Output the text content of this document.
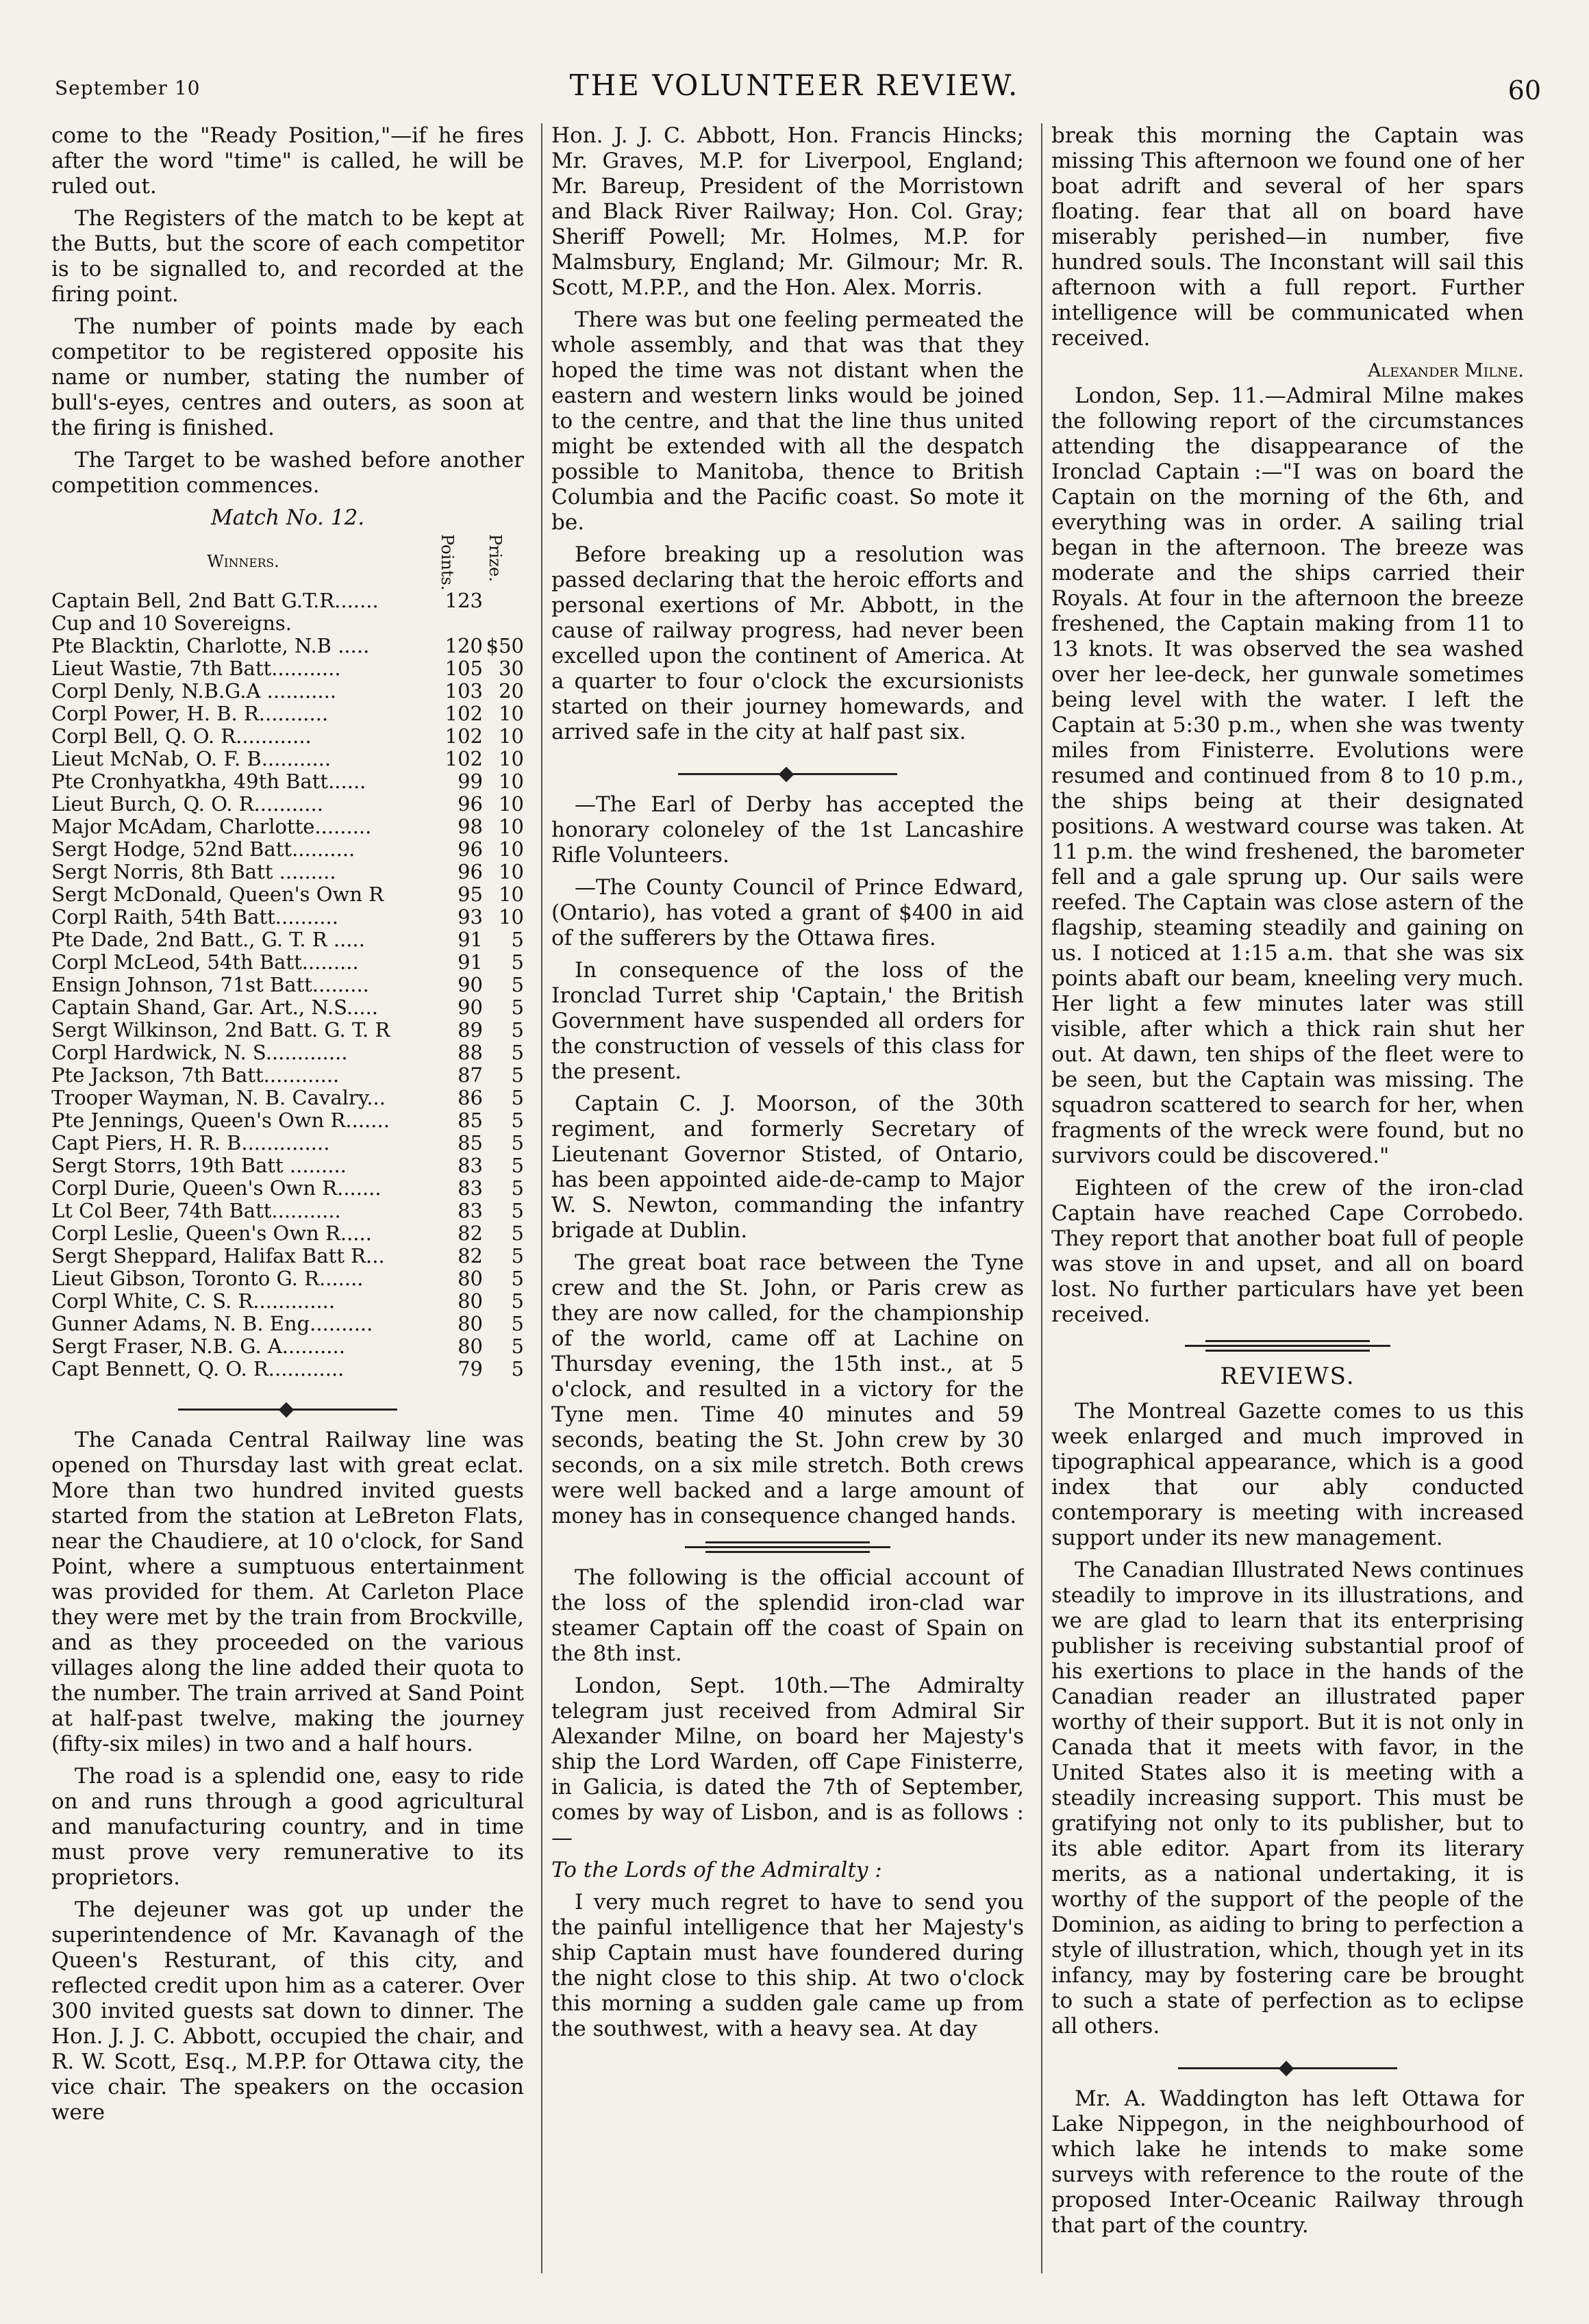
September 10	THE VOLUNTEER REVIEW.	60

come to the "Ready Position,"—if he fires after the word "time" is called, he will be ruled out.

The Registers of the match to be kept at the Butts, but the score of each competitor is to be signalled to, and recorded at the firing point.

The number of points made by each competitor to be registered opposite his name or number, stating the number of bull's-eyes, centres and outers, as soon at the firing is finished.

The Target to be washed before another competition commences.

Match No. 12.
Winners.	Points.	Prize.

Captain Bell, 2nd Batt G.T.R.......	123	
Cup and 10 Sovereigns.		
Pte Blacktin, Charlotte, N.B .....	120	$50
Lieut Wastie, 7th Batt...........	105	30
Corpl Denly, N.B.G.A ...........	103	20
Corpl Power, H. B. R...........	102	10
Corpl Bell, Q. O. R............	102	10
Lieut McNab, O. F. B...........	102	10
Pte Cronhyatkha, 49th Batt......	99	10
Lieut Burch, Q. O. R...........	96	10
Major McAdam, Charlotte.........	98	10
Sergt Hodge, 52nd Batt..........	96	10
Sergt Norris, 8th Batt .........	96	10
Sergt McDonald, Queen's Own R	95	10
Corpl Raith, 54th Batt..........	93	10
Pte Dade, 2nd Batt., G. T. R .....	91	5
Corpl McLeod, 54th Batt.........	91	5
Ensign Johnson, 71st Batt.........	90	5
Captain Shand, Gar. Art., N.S.....	90	5
Sergt Wilkinson, 2nd Batt. G. T. R	89	5
Corpl Hardwick, N. S.............	88	5
Pte Jackson, 7th Batt............	87	5
Trooper Wayman, N. B. Cavalry...	86	5
Pte Jennings, Queen's Own R.......	85	5
Capt Piers, H. R. B..............	85	5
Sergt Storrs, 19th Batt .........	83	5
Corpl Durie, Queen's Own R.......	83	5
Lt Col Beer, 74th Batt...........	83	5
Corpl Leslie, Queen's Own R.....	82	5
Sergt Sheppard, Halifax Batt R...	82	5
Lieut Gibson, Toronto G. R.......	80	5
Corpl White, C. S. R.............	80	5
Gunner Adams, N. B. Eng..........	80	5
Sergt Fraser, N.B. G. A..........	80	5
Capt Bennett, Q. O. R............	79	5

The Canada Central Railway line was opened on Thursday last with great eclat. More than two hundred invited guests started from the station at LeBreton Flats, near the Chaudiere, at 10 o'clock, for Sand Point, where a sumptuous entertainment was provided for them. At Carleton Place they were met by the train from Brockville, and as they proceeded on the various villages along the line added their quota to the number. The train arrived at Sand Point at half-past twelve, making the journey (fifty-six miles) in two and a half hours.

The road is a splendid one, easy to ride on and runs through a good agricultural and manufacturing country, and in time must prove very remunerative to its proprietors.

The dejeuner was got up under the superintendence of Mr. Kavanagh of the Queen's Resturant, of this city, and reflected credit upon him as a caterer. Over 300 invited guests sat down to dinner. The Hon. J. J. C. Abbott, occupied the chair, and R. W. Scott, Esq., M.P.P. for Ottawa city, the vice chair. The speakers on the occasion were

Hon. J. J. C. Abbott, Hon. Francis Hincks; Mr. Graves, M.P. for Liverpool, England; Mr. Bareup, President of the Morristown and Black River Railway; Hon. Col. Gray; Sheriff Powell; Mr. Holmes, M.P. for Malmsbury, England; Mr. Gilmour; Mr. R. Scott, M.P.P., and the Hon. Alex. Morris.

There was but one feeling permeated the whole assembly, and that was that they hoped the time was not distant when the eastern and western links would be joined to the centre, and that the line thus united might be extended with all the despatch possible to Manitoba, thence to British Columbia and the Pacific coast. So mote it be.

Before breaking up a resolution was passed declaring that the heroic efforts and personal exertions of Mr. Abbott, in the cause of railway progress, had never been excelled upon the continent of America. At a quarter to four o'clock the excursionists started on their journey homewards, and arrived safe in the city at half past six.

—The Earl of Derby has accepted the honorary coloneley of the 1st Lancashire Rifle Volunteers.

—The County Council of Prince Edward, (Ontario), has voted a grant of $400 in aid of the sufferers by the Ottawa fires.

In consequence of the loss of the Ironclad Turret ship 'Captain,' the British Government have suspended all orders for the construction of vessels of this class for the present.

Captain C. J. Moorson, of the 30th regiment, and formerly Secretary of Lieutenant Governor Stisted, of Ontario, has been appointed aide-de-camp to Major W. S. Newton, commanding the infantry brigade at Dublin.

The great boat race between the Tyne crew and the St. John, or Paris crew as they are now called, for the championship of the world, came off at Lachine on Thursday evening, the 15th inst., at 5 o'clock, and resulted in a victory for the Tyne men. Time 40 minutes and 59 seconds, beating the St. John crew by 30 seconds, on a six mile stretch. Both crews were well backed and a large amount of money has in consequence changed hands.

The following is the official account of the loss of the splendid iron-clad war steamer Captain off the coast of Spain on the 8th inst.

London, Sept. 10th.—The Admiralty telegram just received from Admiral Sir Alexander Milne, on board her Majesty's ship the Lord Warden, off Cape Finisterre, in Galicia, is dated the 7th of September, comes by way of Lisbon, and is as follows :—

To the Lords of the Admiralty :

I very much regret to have to send you the painful intelligence that her Majesty's ship Captain must have foundered during the night close to this ship. At two o'clock this morning a sudden gale came up from the southwest, with a heavy sea. At day

break this morning the Captain was missing This afternoon we found one of her boat adrift and several of her spars floating. fear that all on board have miserably perished—in number, five hundred souls. The Inconstant will sail this afternoon with a full report. Further intelligence will be communicated when received.

Alexander Milne.

London, Sep. 11.—Admiral Milne makes the following report of the circumstances attending the disappearance of the Ironclad Captain :—"I was on board the Captain on the morning of the 6th, and everything was in order. A sailing trial began in the afternoon. The breeze was moderate and the ships carried their Royals. At four in the afternoon the breeze freshened, the Captain making from 11 to 13 knots. It was observed the sea washed over her lee-deck, her gunwale sometimes being level with the water. I left the Captain at 5:30 p.m., when she was twenty miles from Finisterre. Evolutions were resumed and continued from 8 to 10 p.m., the ships being at their designated positions. A westward course was taken. At 11 p.m. the wind freshened, the barometer fell and a gale sprung up. Our sails were reefed. The Captain was close astern of the flagship, steaming steadily and gaining on us. I noticed at 1:15 a.m. that she was six points abaft our beam, kneeling very much. Her light a few minutes later was still visible, after which a thick rain shut her out. At dawn, ten ships of the fleet were to be seen, but the Captain was missing. The squadron scattered to search for her, when fragments of the wreck were found, but no survivors could be discovered."

Eighteen of the crew of the iron-clad Captain have reached Cape Corrobedo. They report that another boat full of people was stove in and upset, and all on board lost. No further particulars have yet been received.

REVIEWS.

The Montreal Gazette comes to us this week enlarged and much improved in tipographical appearance, which is a good index that our ably conducted contemporary is meeting with increased support under its new management.

The Canadian Illustrated News continues steadily to improve in its illustrations, and we are glad to learn that its enterprising publisher is receiving substantial proof of his exertions to place in the hands of the Canadian reader an illustrated paper worthy of their support. But it is not only in Canada that it meets with favor, in the United States also it is meeting with a steadily increasing support. This must be gratifying not only to its publisher, but to its able editor. Apart from its literary merits, as a national undertaking, it is worthy of the support of the people of the Dominion, as aiding to bring to perfection a style of illustration, which, though yet in its infancy, may by fostering care be brought to such a state of perfection as to eclipse all others.

Mr. A. Waddington has left Ottawa for Lake Nippegon, in the neighbourhood of which lake he intends to make some surveys with reference to the route of the proposed Inter-Oceanic Railway through that part of the country.
